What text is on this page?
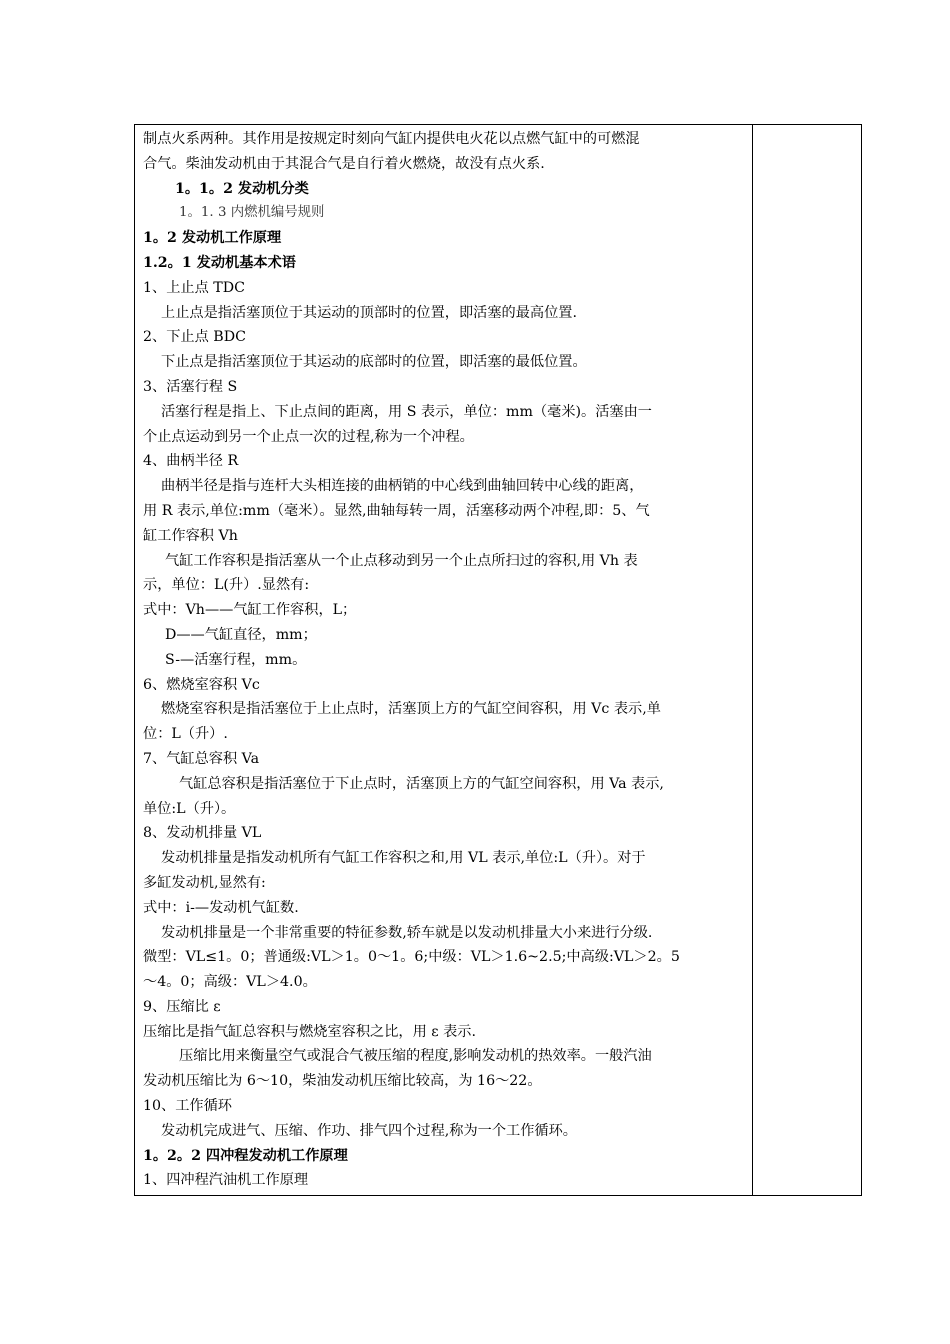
制点火系两种。其作用是按规定时刻向气缸内提供电火花以点燃气缸中的可燃混
合气。柴油发动机由于其混合气是自行着火燃烧，故没有点火系.
1。1。2 发动机分类
1。1. 3 内燃机编号规则
1。2 发动机工作原理
1.2。1 发动机基本术语
1、上止点 TDC
上止点是指活塞顶位于其运动的顶部时的位置，即活塞的最高位置.
2、下止点 BDC
下止点是指活塞顶位于其运动的底部时的位置，即活塞的最低位置。
3、活塞行程 S
活塞行程是指上、下止点间的距离，用 S 表示，单位：mm（毫米)。活塞由一
个止点运动到另一个止点一次的过程,称为一个冲程。
4、曲柄半径 R
曲柄半径是指与连杆大头相连接的曲柄销的中心线到曲轴回转中心线的距离，
用 R 表示,单位:mm（毫米）。显然,曲轴每转一周，活塞移动两个冲程,即：5、气
缸工作容积 Vh
气缸工作容积是指活塞从一个止点移动到另一个止点所扫过的容积,用 Vh 表
示，单位：L(升）.显然有:
式中：Vh——气缸工作容积，L；
D——气缸直径，mm；
S-—活塞行程，mm。
6、燃烧室容积 Vc
燃烧室容积是指活塞位于上止点时，活塞顶上方的气缸空间容积，用 Vc 表示,单
位：L（升）.
7、气缸总容积 Va
气缸总容积是指活塞位于下止点时，活塞顶上方的气缸空间容积，用 Va 表示,
单位:L（升）。
8、发动机排量 VL
发动机排量是指发动机所有气缸工作容积之和,用 VL 表示,单位:L（升）。对于
多缸发动机,显然有:
式中：i-—发动机气缸数.
发动机排量是一个非常重要的特征参数,轿车就是以发动机排量大小来进行分级.
微型：VL≤1。0；普通级:VL＞1。0～1。6;中级：VL＞1.6~2.5;中高级:VL＞2。5
～4。0；高级：VL＞4.0。
9、压缩比 ε
压缩比是指气缸总容积与燃烧室容积之比，用 ε 表示.
压缩比用来衡量空气或混合气被压缩的程度,影响发动机的热效率。一般汽油
发动机压缩比为 6～10，柴油发动机压缩比较高，为 16～22。
10、工作循环
发动机完成进气、压缩、作功、排气四个过程,称为一个工作循环。
1。2。2 四冲程发动机工作原理
1、四冲程汽油机工作原理
